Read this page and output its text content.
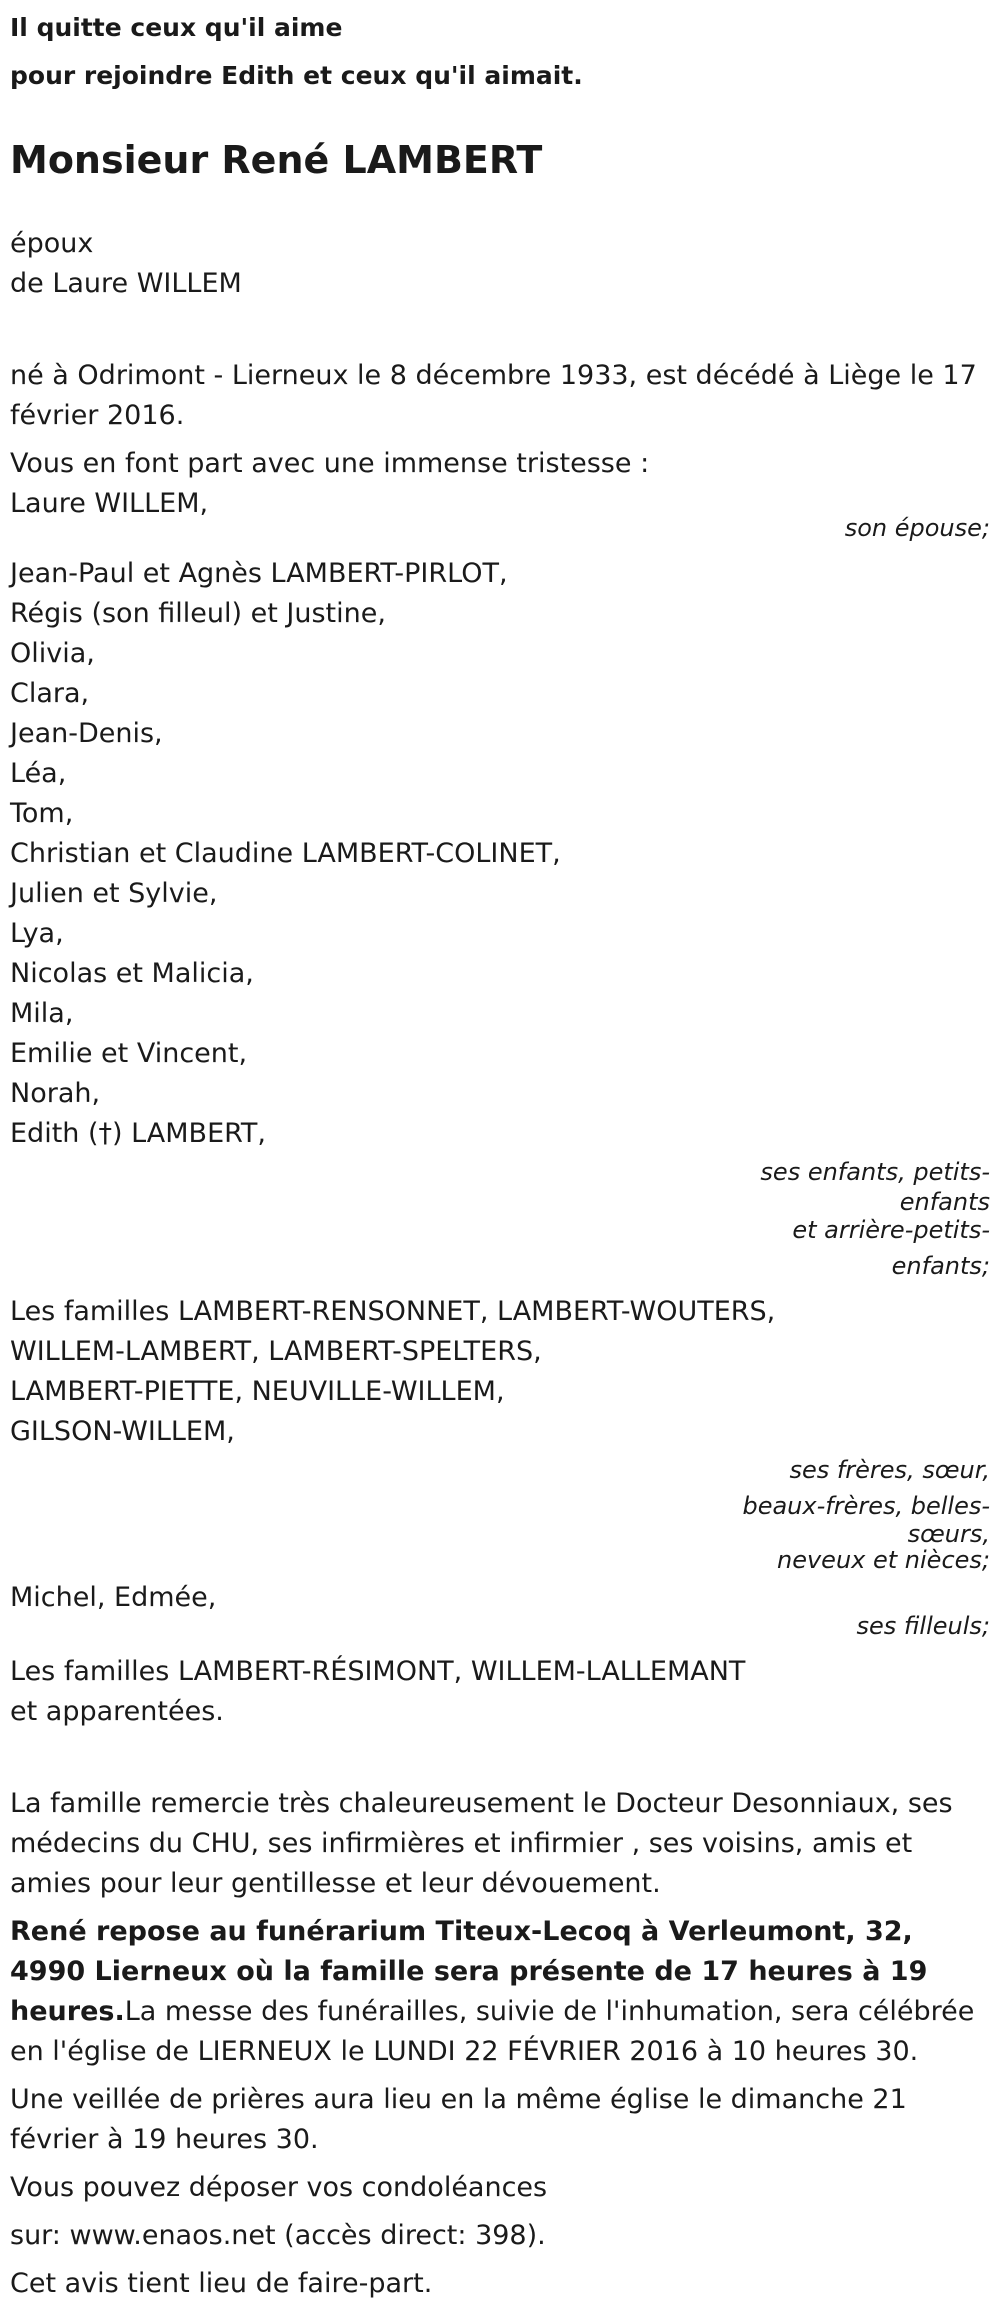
Il quitte ceux qu'il aime
pour rejoindre Edith et ceux qu'il aimait.
Monsieur René LAMBERT
époux
de Laure WILLEM
né à Odrimont - Lierneux le 8 décembre 1933, est décédé à Liège le 17 février 2016.
Vous en font part avec une immense tristesse :
Laure WILLEM,
son épouse;
Jean-Paul et Agnès LAMBERT-PIRLOT,
Régis (son filleul) et Justine,
Olivia,
Clara,
Jean-Denis,
Léa,
Tom,
Christian et Claudine LAMBERT-COLINET,
Julien et Sylvie,
Lya,
Nicolas et Malicia,
Mila,
Emilie et Vincent,
Norah,
Edith (†) LAMBERT,
ses enfants, petits-
enfants
et arrière-petits-
enfants;
Les familles LAMBERT-RENSONNET, LAMBERT-WOUTERS,
WILLEM-LAMBERT, LAMBERT-SPELTERS,
LAMBERT-PIETTE, NEUVILLE-WILLEM,
GILSON-WILLEM,
ses frères, sœur,
beaux-frères, belles-
sœurs,
neveux et nièces;
Michel, Edmée,
ses filleuls;
Les familles LAMBERT-RÉSIMONT, WILLEM-LALLEMANT
et apparentées.
La famille remercie très chaleureusement le Docteur Desonniaux, ses médecins du CHU, ses infirmières et infirmier , ses voisins, amis et amies pour leur gentillesse et leur dévouement.
René repose au funérarium Titeux-Lecoq à Verleumont, 32, 4990 Lierneux où la famille sera présente de 17 heures à 19 heures.La messe des funérailles, suivie de l'inhumation, sera célébrée en l'église de LIERNEUX le LUNDI 22 FÉVRIER 2016 à 10 heures 30.
Une veillée de prières aura lieu en la même église le dimanche 21 février à 19 heures 30.
Vous pouvez déposer vos condoléances
sur: www.enaos.net (accès direct: 398).
Cet avis tient lieu de faire-part.
